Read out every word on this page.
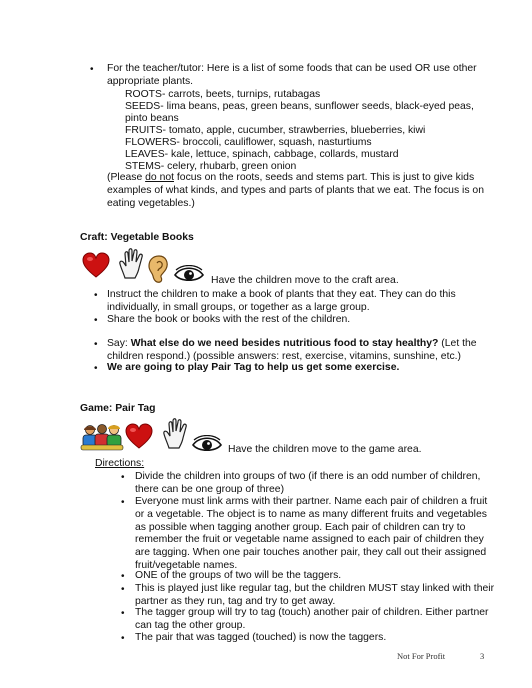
• For the teacher/tutor: Here is a list of some foods that can be used OR use other appropriate plants.
ROOTS- carrots, beets, turnips, rutabagas
SEEDS- lima beans, peas, green beans, sunflower seeds, black-eyed peas,
pinto beans
FRUITS- tomato, apple, cucumber, strawberries, blueberries, kiwi
FLOWERS- broccoli, cauliflower, squash, nasturtiums
LEAVES- kale, lettuce, spinach, cabbage, collards, mustard
STEMS- celery, rhubarb, green onion
(Please do not focus on the roots, seeds and stems part. This is just to give kids examples of what kinds, and types and parts of plants that we eat. The focus is on eating vegetables.)
Craft: Vegetable Books
Have the children move to the craft area.
• Instruct the children to make a book of plants that they eat. They can do this individually, in small groups, or together as a large group.
• Share the book or books with the rest of the children.
• Say: What else do we need besides nutritious food to stay healthy? (Let the children respond.) (possible answers: rest, exercise, vitamins, sunshine, etc.)
• We are going to play Pair Tag to help us get some exercise.
Game: Pair Tag
Have the children move to the game area.
Directions:
• Divide the children into groups of two (if there is an odd number of children, there can be one group of three)
• Everyone must link arms with their partner. Name each pair of children a fruit or a vegetable. The object is to name as many different fruits and vegetables as possible when tagging another group. Each pair of children can try to remember the fruit or vegetable name assigned to each pair of children they are tagging. When one pair touches another pair, they call out their assigned fruit/vegetable names.
• ONE of the groups of two will be the taggers.
• This is played just like regular tag, but the children MUST stay linked with their partner as they run, tag and try to get away.
• The tagger group will try to tag (touch) another pair of children. Either partner can tag the other group.
• The pair that was tagged (touched) is now the taggers.
Not For Profit	3
